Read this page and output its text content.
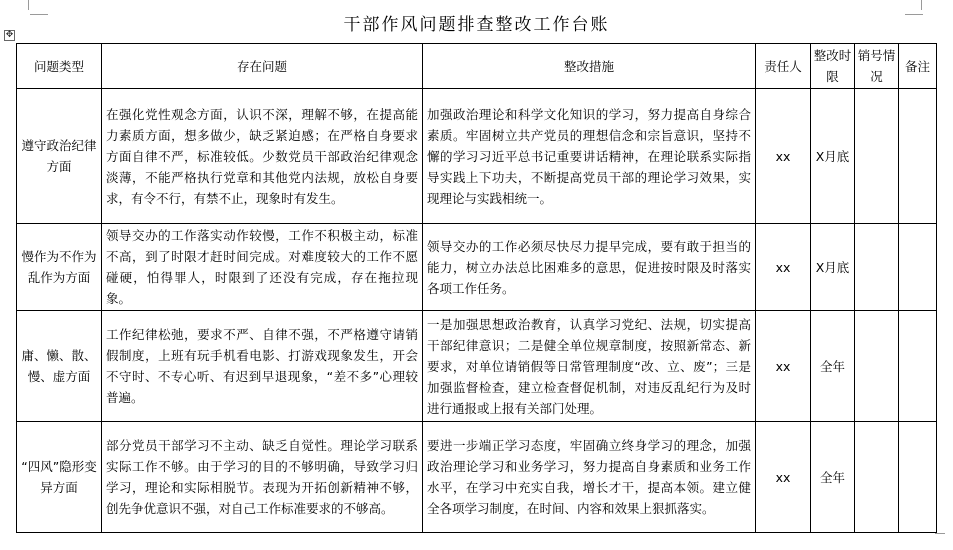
干部作风问题排查整改工作台账
✥
问题类型	存在问题	整改措施	责任人	整改时限	销号情况	备注
遵守政治纪律方面	在强化党性观念方面，认识不深，理解不够，在提高能力素质方面，想多做少，缺乏紧迫感；在严格自身要求方面自律不严，标准较低。少数党员干部政治纪律观念淡薄，不能严格执行党章和其他党内法规，放松自身要求，有令不行，有禁不止，现象时有发生。	加强政治理论和科学文化知识的学习，努力提高自身综合素质。牢固树立共产党员的理想信念和宗旨意识，坚持不懈的学习习近平总书记重要讲话精神，在理论联系实际指导实践上下功夫，不断提高党员干部的理论学习效果，实现理论与实践相统一。	xx	X月底		
慢作为不作为乱作为方面	领导交办的工作落实动作较慢，工作不积极主动，标准不高，到了时限才赶时间完成。对难度较大的工作不愿碰硬，怕得罪人，时限到了还没有完成，存在拖拉现象。	领导交办的工作必须尽快尽力提早完成，要有敢于担当的能力，树立办法总比困难多的意思，促进按时限及时落实各项工作任务。	xx	X月底		
庸、懒、散、慢、虚方面	工作纪律松弛，要求不严、自律不强，不严格遵守请销假制度，上班有玩手机看电影、打游戏现象发生，开会不守时、不专心听、有迟到早退现象，“差不多”心理较普遍。	一是加强思想政治教育，认真学习党纪、法规，切实提高干部纪律意识；二是健全单位规章制度，按照新常态、新要求，对单位请销假等日常管理制度“改、立、废”；三是加强监督检查，建立检查督促机制，对违反乱纪行为及时进行通报或上报有关部门处理。	xx	全年		
“四风”隐形变异方面	部分党员干部学习不主动、缺乏自觉性。理论学习联系实际工作不够。由于学习的目的不够明确，导致学习归学习，理论和实际相脱节。表现为开拓创新精神不够，创先争优意识不强，对自己工作标准要求的不够高。	要进一步端正学习态度，牢固确立终身学习的理念，加强政治理论学习和业务学习，努力提高自身素质和业务工作水平，在学习中充实自我，增长才干，提高本领。建立健全各项学习制度，在时间、内容和效果上狠抓落实。	xx	全年		
